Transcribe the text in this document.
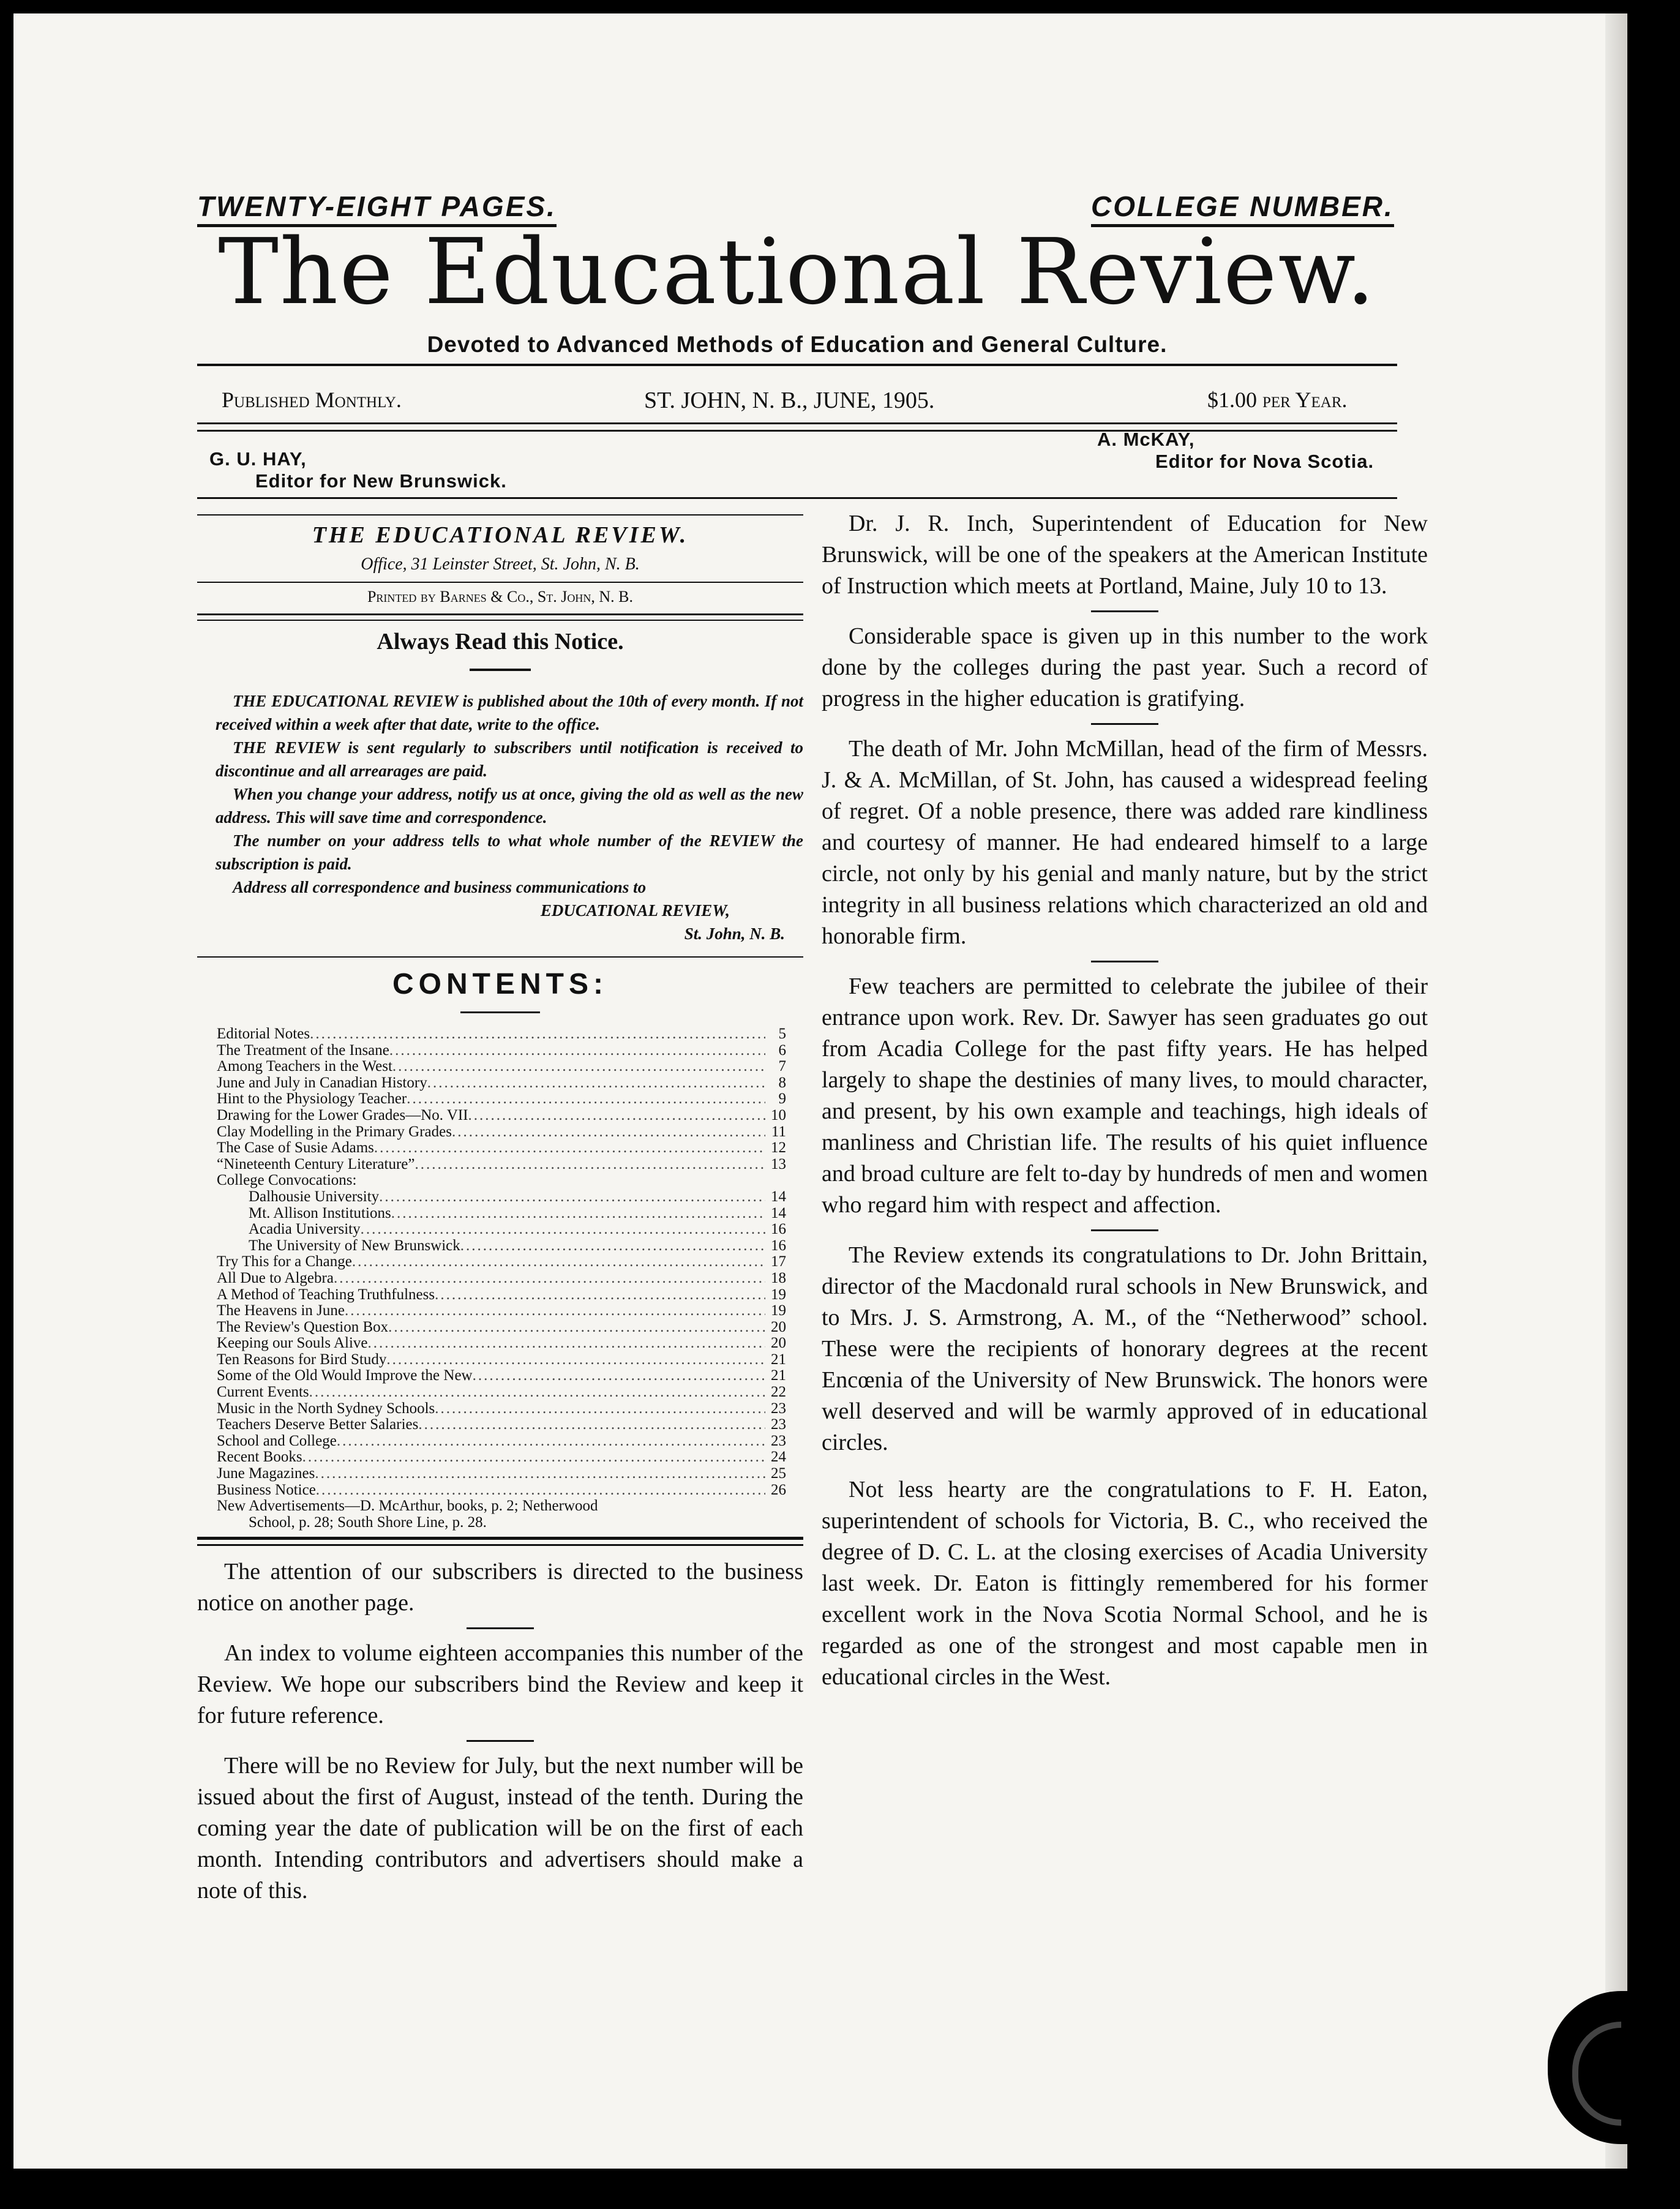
TWENTY-EIGHT PAGES.	COLLEGE NUMBER.
The Educational Review.
Devoted to Advanced Methods of Education and General Culture.
Published Monthly.	ST. JOHN, N. B., JUNE, 1905.	$1.00 per Year.
G. U. HAY,
Editor for New Brunswick.
A. McKAY,
Editor for Nova Scotia.
THE EDUCATIONAL REVIEW.
Office, 31 Leinster Street, St. John, N. B.
Printed by Barnes & Co., St. John, N. B.
Always Read this Notice.

THE EDUCATIONAL REVIEW is published about the 10th of every month. If not received within a week after that date, write to the office.

THE REVIEW is sent regularly to subscribers until notification is received to discontinue and all arrearages are paid.

When you change your address, notify us at once, giving the old as well as the new address. This will save time and correspondence.

The number on your address tells to what whole number of the REVIEW the subscription is paid.

Address all correspondence and business communications to

EDUCATIONAL REVIEW,

St. John, N. B.

CONTENTS:
Editorial Notes .....	5
The Treatment of the Insane .....	6
Among Teachers in the West .....	7
June and July in Canadian History .....	8
Hint to the Physiology Teacher .....	9
Drawing for the Lower Grades—No. VII .....	10
Clay Modelling in the Primary Grades .....	11
The Case of Susie Adams .....	12
“Nineteenth Century Literature” .....	13
College Convocations:
Dalhousie University .....	14
Mt. Allison Institutions .....	14
Acadia University .....	16
The University of New Brunswick .....	16
Try This for a Change .....	17
All Due to Algebra .....	18
A Method of Teaching Truthfulness .....	19
The Heavens in June .....	19
The Review's Question Box .....	20
Keeping our Souls Alive .....	20
Ten Reasons for Bird Study .....	21
Some of the Old Would Improve the New .....	21
Current Events .....	22
Music in the North Sydney Schools .....	23
Teachers Deserve Better Salaries .....	23
School and College .....	23
Recent Books .....	24
June Magazines .....	25
Business Notice .....	26
New Advertisements—D. McArthur, books, p. 2; Netherwood
School, p. 28; South Shore Line, p. 28.

The attention of our subscribers is directed to the business notice on another page.

An index to volume eighteen accompanies this number of the Review. We hope our subscribers bind the Review and keep it for future reference.

There will be no Review for July, but the next number will be issued about the first of August, instead of the tenth. During the coming year the date of publication will be on the first of each month. Intending contributors and advertisers should make a note of this.

Dr. J. R. Inch, Superintendent of Education for New Brunswick, will be one of the speakers at the American Institute of Instruction which meets at Portland, Maine, July 10 to 13.

Considerable space is given up in this number to the work done by the colleges during the past year. Such a record of progress in the higher education is gratifying.

The death of Mr. John McMillan, head of the firm of Messrs. J. & A. McMillan, of St. John, has caused a widespread feeling of regret. Of a noble presence, there was added rare kindliness and courtesy of manner. He had endeared himself to a large circle, not only by his genial and manly nature, but by the strict integrity in all business relations which characterized an old and honorable firm.

Few teachers are permitted to celebrate the jubilee of their entrance upon work. Rev. Dr. Sawyer has seen graduates go out from Acadia College for the past fifty years. He has helped largely to shape the destinies of many lives, to mould character, and present, by his own example and teachings, high ideals of manliness and Christian life. The results of his quiet influence and broad culture are felt to-day by hundreds of men and women who regard him with respect and affection.

The Review extends its congratulations to Dr. John Brittain, director of the Macdonald rural schools in New Brunswick, and to Mrs. J. S. Armstrong, A. M., of the “Netherwood” school. These were the recipients of honorary degrees at the recent Encœnia of the University of New Brunswick. The honors were well deserved and will be warmly approved of in educational circles.

Not less hearty are the congratulations to F. H. Eaton, superintendent of schools for Victoria, B. C., who received the degree of D. C. L. at the closing exercises of Acadia University last week. Dr. Eaton is fittingly remembered for his former excellent work in the Nova Scotia Normal School, and he is regarded as one of the strongest and most capable men in educational circles in the West.
